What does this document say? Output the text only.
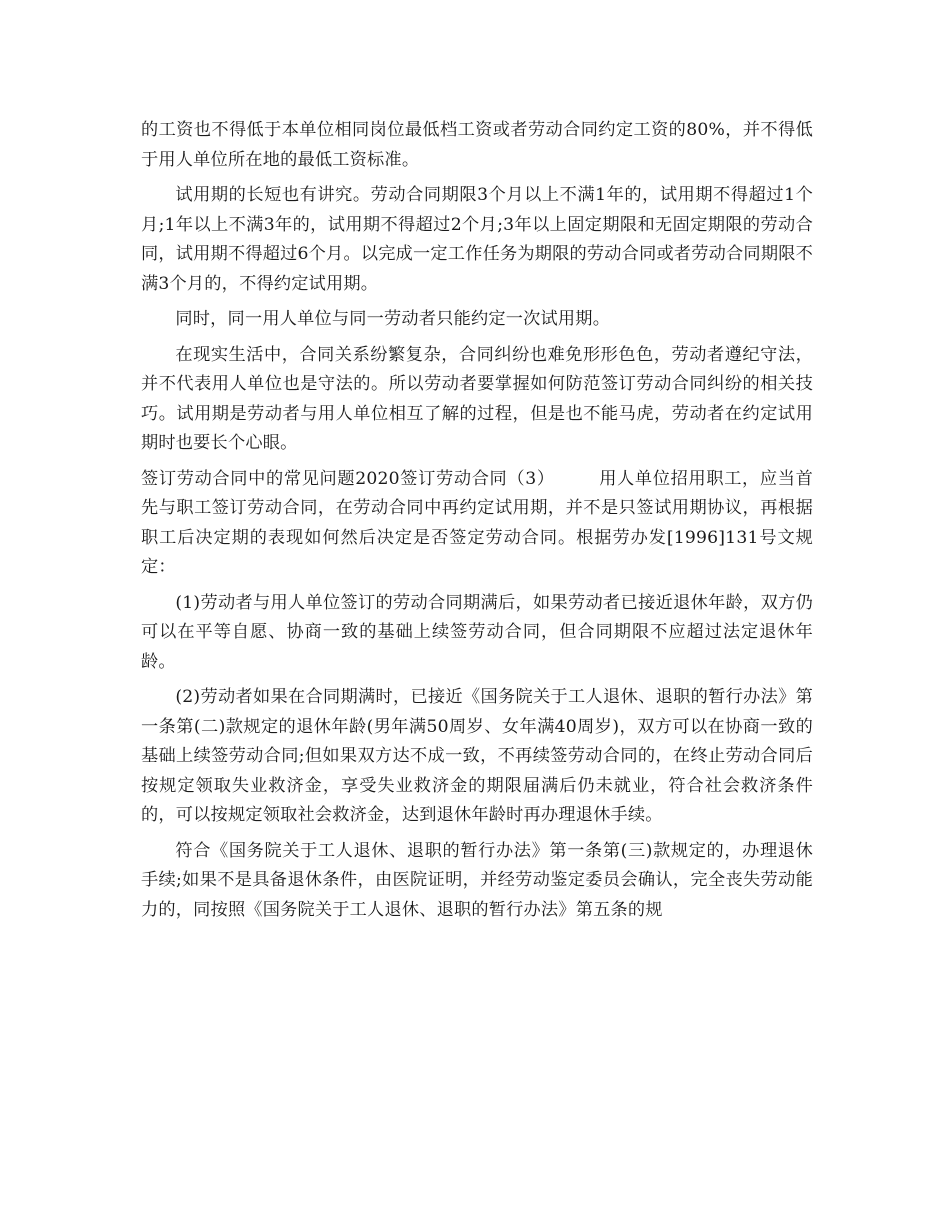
的工资也不得低于本单位相同岗位最低档工资或者劳动合同约定工资的80%，并不得低于用人单位所在地的最低工资标准。

试用期的长短也有讲究。劳动合同期限3个月以上不满1年的，试用期不得超过1个月;1年以上不满3年的，试用期不得超过2个月;3年以上固定期限和无固定期限的劳动合同，试用期不得超过6个月。以完成一定工作任务为期限的劳动合同或者劳动合同期限不满3个月的，不得约定试用期。

同时，同一用人单位与同一劳动者只能约定一次试用期。

在现实生活中，合同关系纷繁复杂，合同纠纷也难免形形色色，劳动者遵纪守法，并不代表用人单位也是守法的。所以劳动者要掌握如何防范签订劳动合同纠纷的相关技巧。试用期是劳动者与用人单位相互了解的过程，但是也不能马虎，劳动者在约定试用期时也要长个心眼。

签订劳动合同中的常见问题2020签订劳动合同（3）	用人单位招用职工，应当首先与职工签订劳动合同，在劳动合同中再约定试用期，并不是只签试用期协议，再根据职工后决定期的表现如何然后决定是否签定劳动合同。根据劳办发[1996]131号文规定：

(1)劳动者与用人单位签订的劳动合同期满后，如果劳动者已接近退休年龄，双方仍可以在平等自愿、协商一致的基础上续签劳动合同，但合同期限不应超过法定退休年龄。

(2)劳动者如果在合同期满时，已接近《国务院关于工人退休、退职的暂行办法》第一条第(二)款规定的退休年龄(男年满50周岁、女年满40周岁)，双方可以在协商一致的基础上续签劳动合同;但如果双方达不成一致，不再续签劳动合同的，在终止劳动合同后按规定领取失业救济金，享受失业救济金的期限届满后仍未就业，符合社会救济条件的，可以按规定领取社会救济金，达到退休年龄时再办理退休手续。

符合《国务院关于工人退休、退职的暂行办法》第一条第(三)款规定的，办理退休手续;如果不是具备退休条件，由医院证明，并经劳动鉴定委员会确认，完全丧失劳动能力的，同按照《国务院关于工人退休、退职的暂行办法》第五条的规
